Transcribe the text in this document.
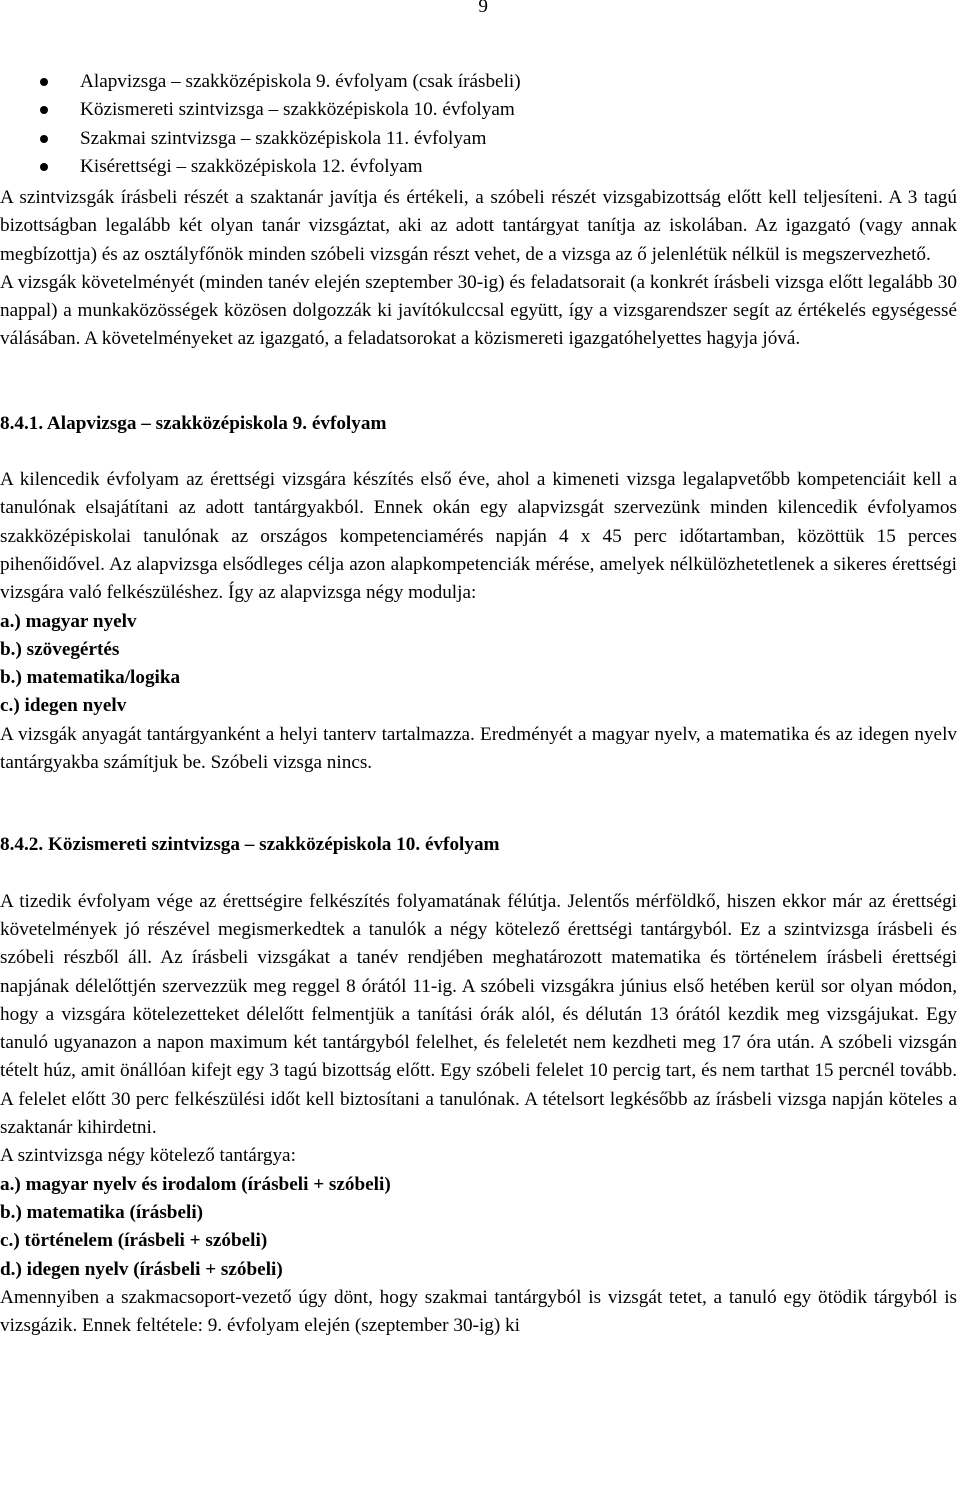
9
Alapvizsga – szakközépiskola 9. évfolyam (csak írásbeli)
Közismereti szintvizsga – szakközépiskola 10. évfolyam
Szakmai szintvizsga – szakközépiskola 11. évfolyam
Kisérettségi – szakközépiskola 12. évfolyam

A szintvizsgák írásbeli részét a szaktanár javítja és értékeli, a szóbeli részét vizsgabizottság előtt kell teljesíteni. A 3 tagú bizottságban legalább két olyan tanár vizsgáztat, aki az adott tantárgyat tanítja az iskolában. Az igazgató (vagy annak megbízottja) és az osztályfőnök minden szóbeli vizsgán részt vehet, de a vizsga az ő jelenlétük nélkül is megszervezhető.

A vizsgák követelményét (minden tanév elején szeptember 30-ig) és feladatsorait (a konkrét írásbeli vizsga előtt legalább 30 nappal) a munkaközösségek közösen dolgozzák ki javítókulccsal együtt, így a vizsgarendszer segít az értékelés egységessé válásában. A követelményeket az igazgató, a feladatsorokat a közismereti igazgatóhelyettes hagyja jóvá.

8.4.1. Alapvizsga – szakközépiskola 9. évfolyam

A kilencedik évfolyam az érettségi vizsgára készítés első éve, ahol a kimeneti vizsga legalapvetőbb kompetenciáit kell a tanulónak elsajátítani az adott tantárgyakból. Ennek okán egy alapvizsgát szervezünk minden kilencedik évfolyamos szakközépiskolai tanulónak az országos kompetenciamérés napján 4 x 45 perc időtartamban, közöttük 15 perces pihenőidővel. Az alapvizsga elsődleges célja azon alapkompetenciák mérése, amelyek nélkülözhetetlenek a sikeres érettségi vizsgára való felkészüléshez. Így az alapvizsga négy modulja:

a.) magyar nyelv

b.) szövegértés

b.) matematika/logika

c.) idegen nyelv

A vizsgák anyagát tantárgyanként a helyi tanterv tartalmazza. Eredményét a magyar nyelv, a matematika és az idegen nyelv tantárgyakba számítjuk be. Szóbeli vizsga nincs.

8.4.2. Közismereti szintvizsga – szakközépiskola 10. évfolyam

A tizedik évfolyam vége az érettségire felkészítés folyamatának félútja. Jelentős mérföldkő, hiszen ekkor már az érettségi követelmények jó részével megismerkedtek a tanulók a négy kötelező érettségi tantárgyból. Ez a szintvizsga írásbeli és szóbeli részből áll. Az írásbeli vizsgákat a tanév rendjében meghatározott matematika és történelem írásbeli érettségi napjának délelőttjén szervezzük meg reggel 8 órától 11-ig. A szóbeli vizsgákra június első hetében kerül sor olyan módon, hogy a vizsgára kötelezetteket délelőtt felmentjük a tanítási órák alól, és délután 13 órától kezdik meg vizsgájukat. Egy tanuló ugyanazon a napon maximum két tantárgyból felelhet, és feleletét nem kezdheti meg 17 óra után. A szóbeli vizsgán tételt húz, amit önállóan kifejt egy 3 tagú bizottság előtt. Egy szóbeli felelet 10 percig tart, és nem tarthat 15 percnél tovább. A felelet előtt 30 perc felkészülési időt kell biztosítani a tanulónak. A tételsort legkésőbb az írásbeli vizsga napján köteles a szaktanár kihirdetni.

A szintvizsga négy kötelező tantárgya:

a.) magyar nyelv és irodalom (írásbeli + szóbeli)

b.) matematika (írásbeli)

c.) történelem (írásbeli + szóbeli)

d.) idegen nyelv (írásbeli + szóbeli)

Amennyiben a szakmacsoport-vezető úgy dönt, hogy szakmai tantárgyból is vizsgát tetet, a tanuló egy ötödik tárgyból is vizsgázik. Ennek feltétele: 9. évfolyam elején (szeptember 30-ig) ki
